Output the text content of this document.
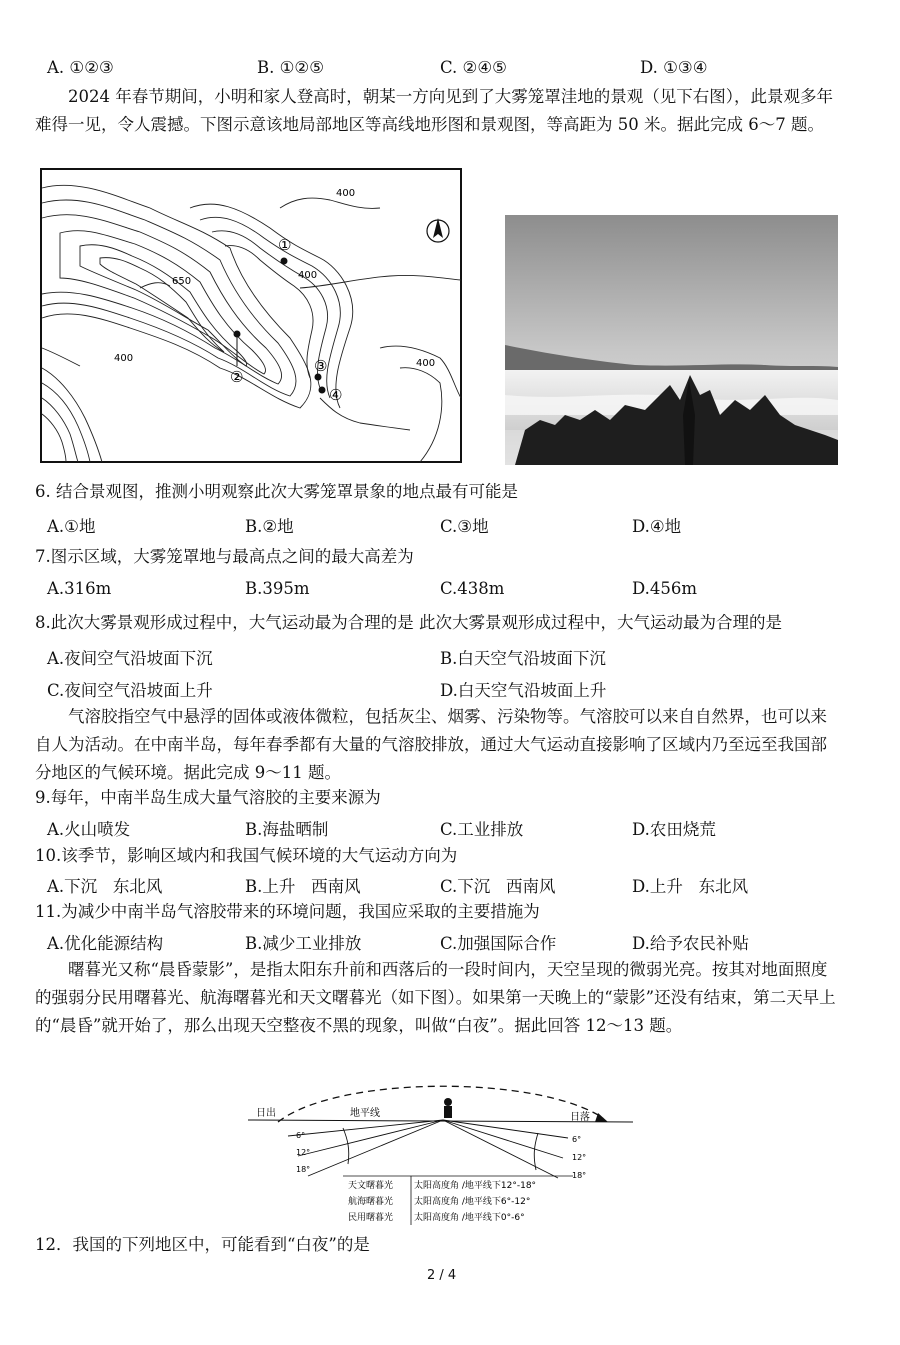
A. ①②③	B. ①②⑤	C. ②④⑤	D. ①③④
2024 年春节期间，小明和家人登高时，朝某一方向见到了大雾笼罩洼地的景观（见下右图），此景观多年难得一见，令人震撼。下图示意该地局部地区等高线地形图和景观图，等高距为 50 米。据此完成 6～7 题。
400
400
650
400	400
①
②
③
④
6. 结合景观图，推测小明观察此次大雾笼罩景象的地点最有可能是
A.①地	B.②地	C.③地	D.④地
7.图示区域，大雾笼罩地与最高点之间的最大高差为
A.316m	B.395m	C.438m	D.456m
8.此次大雾景观形成过程中，大气运动最为合理的是 此次大雾景观形成过程中，大气运动最为合理的是
A.夜间空气沿坡面下沉	B.白天空气沿坡面下沉
C.夜间空气沿坡面上升	D.白天空气沿坡面上升
气溶胶指空气中悬浮的固体或液体微粒，包括灰尘、烟雾、污染物等。气溶胶可以来自自然界，也可以来自人为活动。在中南半岛，每年春季都有大量的气溶胶排放，通过大气运动直接影响了区域内乃至远至我国部分地区的气候环境。据此完成 9～11 题。
9.每年，中南半岛生成大量气溶胶的主要来源为
A.火山喷发	B.海盐晒制	C.工业排放	D.农田烧荒
10.该季节，影响区域内和我国气候环境的大气运动方向为
A.下沉   东北风	B.上升   西南风	C.下沉   西南风	D.上升   东北风
11.为减少中南半岛气溶胶带来的环境问题，我国应采取的主要措施为
A.优化能源结构	B.减少工业排放	C.加强国际合作	D.给予农民补贴
曙暮光又称“晨昏蒙影”，是指太阳东升前和西落后的一段时间内，天空呈现的微弱光亮。按其对地面照度的强弱分民用曙暮光、航海曙暮光和天文曙暮光（如下图）。如果第一天晚上的“蒙影”还没有结束，第二天早上的“晨昏”就开始了，那么出现天空整夜不黑的现象，叫做“白夜”。据此回答 12～13 题。
日出	日落
地平线
6°
12°
18°
6°
12°
18°
天文曙暮光 太阳高度角 /地平线下12°-18°
航海曙暮光 太阳高度角 /地平线下6°-12°
民用曙暮光 太阳高度角 /地平线下0°-6°
12．我国的下列地区中，可能看到“白夜”的是
2 / 4
